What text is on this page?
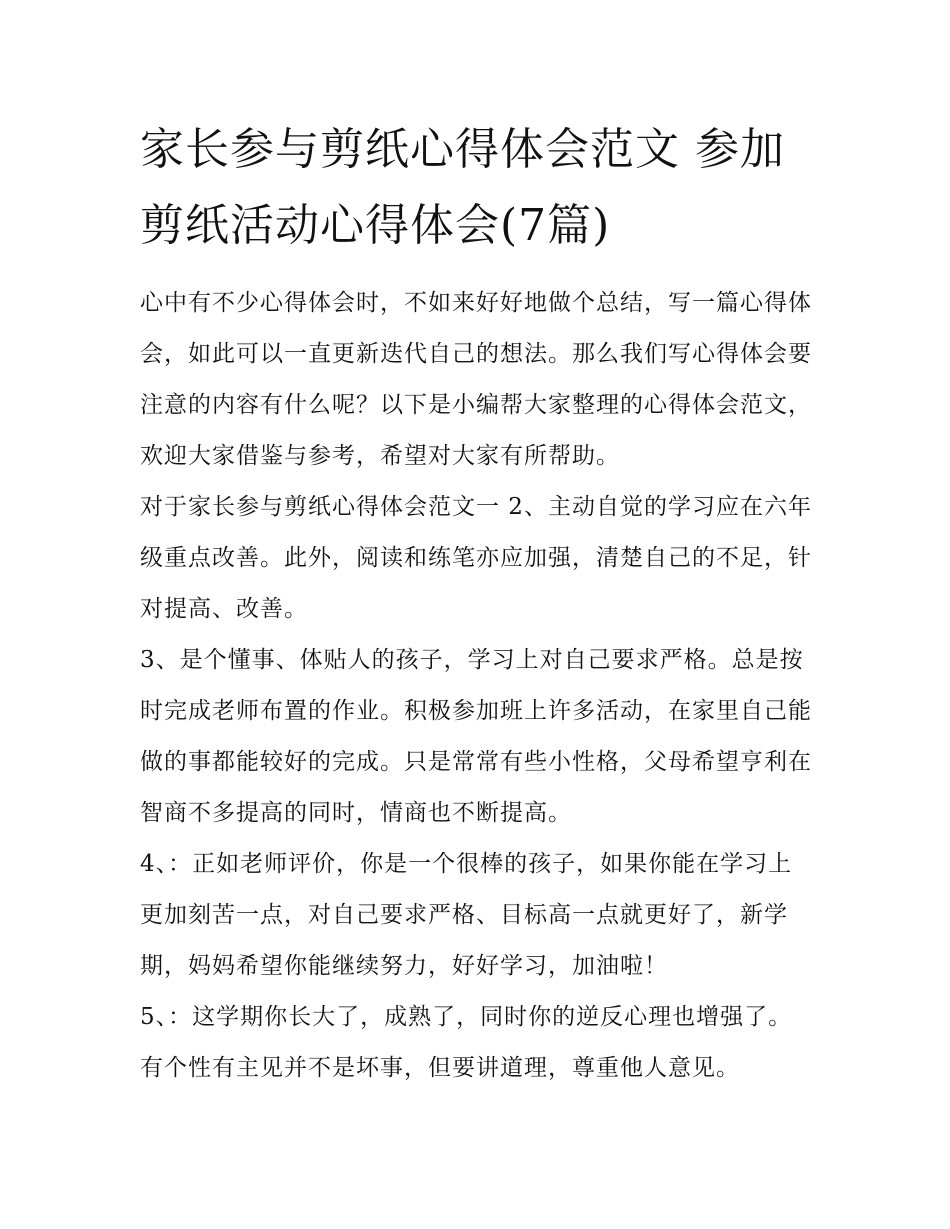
家长参与剪纸心得体会范文 参加剪纸活动心得体会(7篇)

心中有不少心得体会时，不如来好好地做个总结，写一篇心得体会，如此可以一直更新迭代自己的想法。那么我们写心得体会要注意的内容有什么呢？以下是小编帮大家整理的心得体会范文，欢迎大家借鉴与参考，希望对大家有所帮助。

对于家长参与剪纸心得体会范文一 2、主动自觉的学习应在六年级重点改善。此外，阅读和练笔亦应加强，清楚自己的不足，针对提高、改善。

3、是个懂事、体贴人的孩子，学习上对自己要求严格。总是按时完成老师布置的作业。积极参加班上许多活动，在家里自己能做的事都能较好的完成。只是常常有些小性格，父母希望亨利在智商不多提高的同时，情商也不断提高。

4、：正如老师评价，你是一个很棒的孩子，如果你能在学习上更加刻苦一点，对自己要求严格、目标高一点就更好了，新学期，妈妈希望你能继续努力，好好学习，加油啦！

5、：这学期你长大了，成熟了，同时你的逆反心理也增强了。有个性有主见并不是坏事，但要讲道理，尊重他人意见。
